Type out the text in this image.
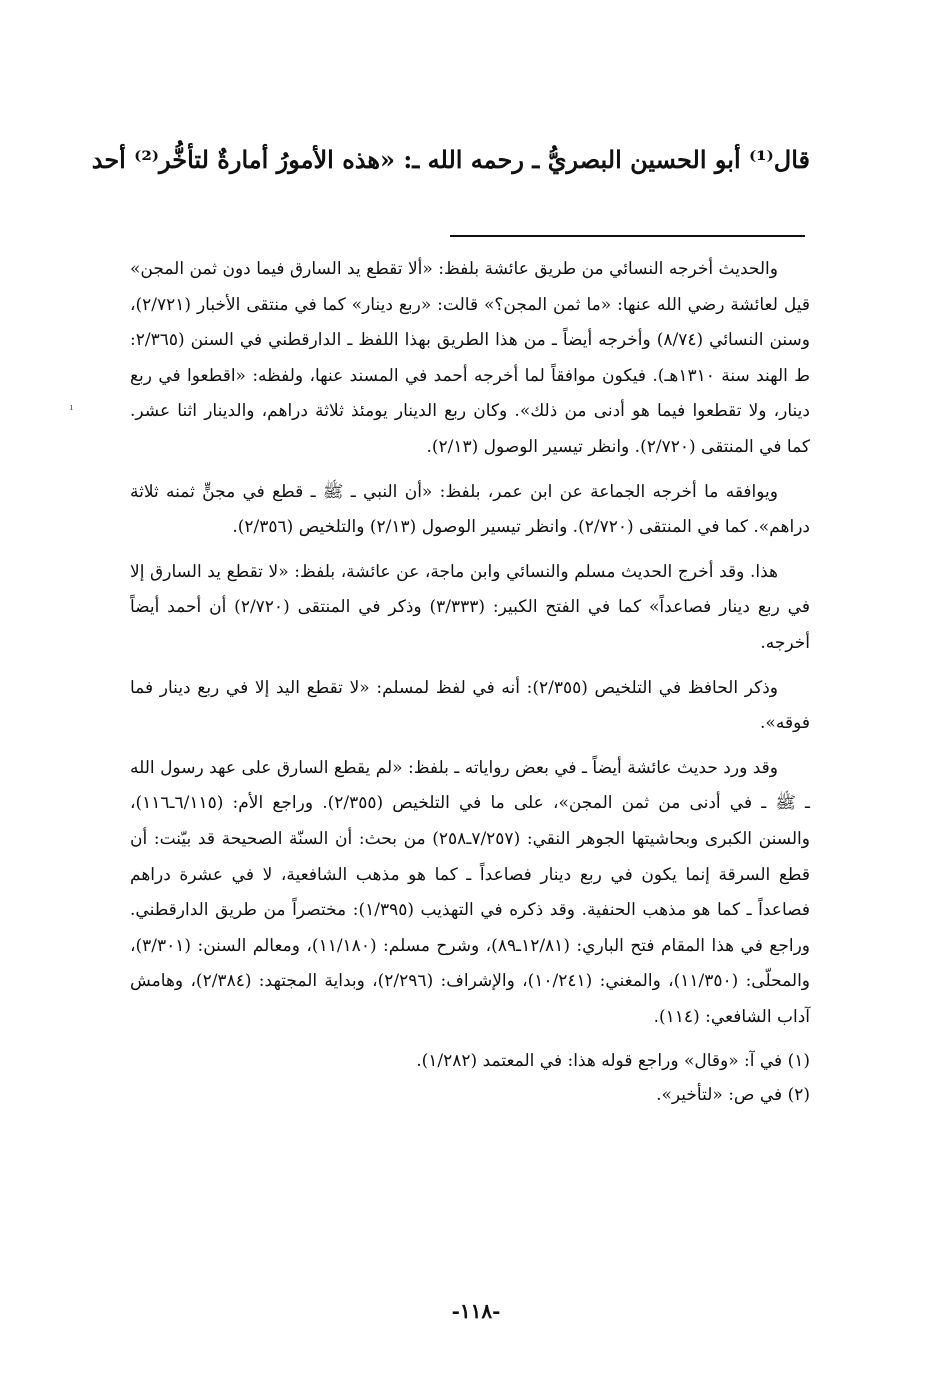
قال⁽¹⁾ أبو الحسين البصريُّ ـ رحمه الله ـ: «هذه الأمورُ أمارةٌ لتأخُّر⁽²⁾ أحد
ı

والحديث أخرجه النسائي من طريق عائشة بلفظ: «ألا تقطع يد السارق فيما دون ثمن المجن» قيل لعائشة رضي الله عنها: «ما ثمن المجن؟» قالت: «ربع دينار» كما في منتقى الأخبار (٢/٧٢١)، وسنن النسائي (٨/٧٤) وأخرجه أيضاً ـ من هذا الطريق بهذا اللفظ ـ الدارقطني في السنن (٢/٣٦٥: ط الهند سنة ١٣١٠هـ). فيكون موافقاً لما أخرجه أحمد في المسند عنها، ولفظه: «اقطعوا في ربع دينار، ولا تقطعوا فيما هو أدنى من ذلك». وكان ربع الدينار يومئذ ثلاثة دراهم، والدينار اثنا عشر. كما في المنتقى (٢/٧٢٠). وانظر تيسير الوصول (٢/١٣).

ويوافقه ما أخرجه الجماعة عن ابن عمر، بلفظ: «أن النبي ـ ﷺ ـ قطع في مجنٍّ ثمنه ثلاثة دراهم». كما في المنتقى (٢/٧٢٠). وانظر تيسير الوصول (٢/١٣) والتلخيص (٢/٣٥٦).

هذا. وقد أخرج الحديث مسلم والنسائي وابن ماجة، عن عائشة، بلفظ: «لا تقطع يد السارق إلا في ربع دينار فصاعداً» كما في الفتح الكبير: (٣/٣٣٣) وذكر في المنتقى (٢/٧٢٠) أن أحمد أيضاً أخرجه.

وذكر الحافظ في التلخيص (٢/٣٥٥): أنه في لفظ لمسلم: «لا تقطع اليد إلا في ربع دينار فما فوقه».

وقد ورد حديث عائشة أيضاً ـ في بعض رواياته ـ بلفظ: «لم يقطع السارق على عهد رسول الله ـ ﷺ ـ في أدنى من ثمن المجن»، على ما في التلخيص (٢/٣٥٥). وراجع الأم: (٦/١١٥ـ١١٦)، والسنن الكبرى وبحاشيتها الجوهر النقي: (٧/٢٥٧ـ٢٥٨) من بحث: أن السنّة الصحيحة قد بيّنت: أن قطع السرقة إنما يكون في ربع دينار فصاعداً ـ كما هو مذهب الشافعية، لا في عشرة دراهم فصاعداً ـ كما هو مذهب الحنفية. وقد ذكره في التهذيب (١/٣٩٥): مختصراً من طريق الدارقطني. وراجع في هذا المقام فتح الباري: (١٢/٨١ـ٨٩)، وشرح مسلم: (١١/١٨٠)، ومعالم السنن: (٣/٣٠١)، والمحلّى: (١١/٣٥٠)، والمغني: (١٠/٢٤١)، والإشراف: (٢/٢٩٦)، وبداية المجتهد: (٢/٣٨٤)، وهامش آداب الشافعي: (١١٤).

(١) في آ: «وقال» وراجع قوله هذا: في المعتمد (١/٢٨٢).

(٢) في ص: «لتأخير».

-١١٨-
